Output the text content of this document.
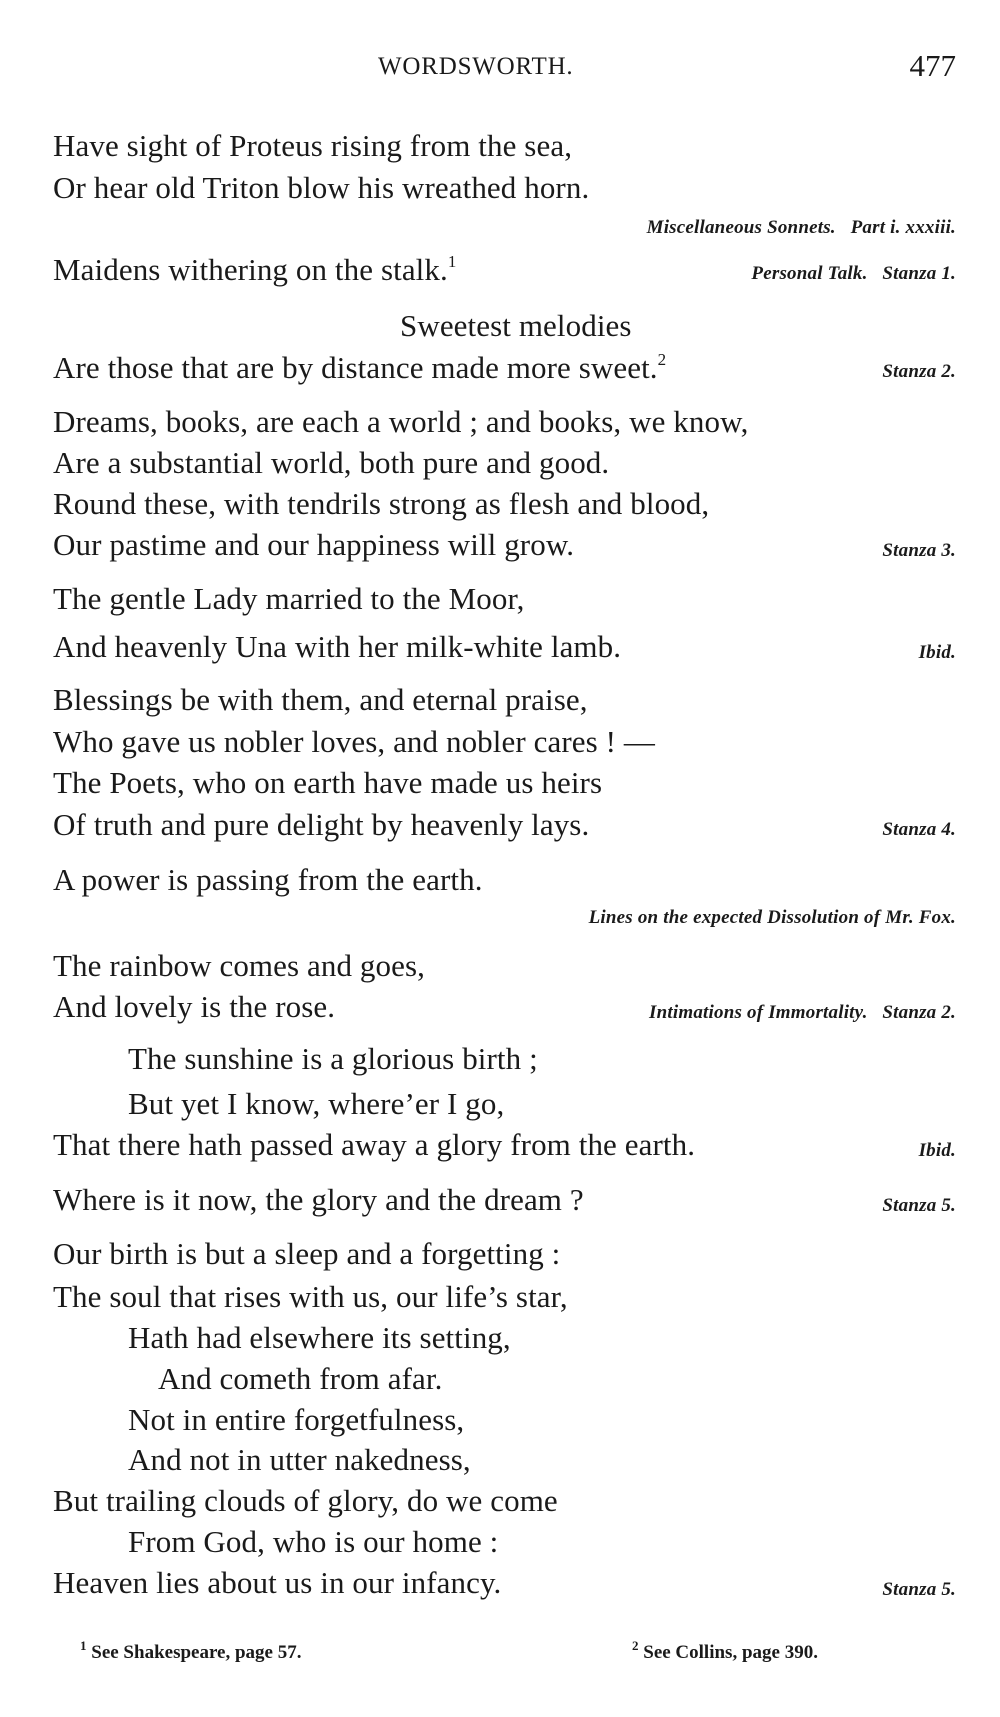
WORDSWORTH.	477
Have sight of Proteus rising from the sea,
Or hear old Triton blow his wreathed horn.
Miscellaneous Sonnets.   Part i. xxxiii.
Maidens withering on the stalk.$^1$
Personal Talk.   Stanza 1.
Sweetest melodies
Are those that are by distance made more sweet.$^2$
Stanza 2.
Dreams, books, are each a world ; and books, we know,
Are a substantial world, both pure and good.
Round these, with tendrils strong as flesh and blood,
Our pastime and our happiness will grow.	Stanza 3.
The gentle Lady married to the Moor,
And heavenly Una with her milk-white lamb.	Ibid.
Blessings be with them, and eternal praise,
Who gave us nobler loves, and nobler cares ! —
The Poets, who on earth have made us heirs
Of truth and pure delight by heavenly lays.	Stanza 4.
A power is passing from the earth.
Lines on the expected Dissolution of Mr. Fox.
The rainbow comes and goes,
And lovely is the rose.	Intimations of Immortality.   Stanza 2.
The sunshine is a glorious birth ;
But yet I know, where’er I go,
That there hath passed away a glory from the earth.	Ibid.
Where is it now, the glory and the dream ?	Stanza 5.
Our birth is but a sleep and a forgetting :
The soul that rises with us, our life’s star,
Hath had elsewhere its setting,
And cometh from afar.
Not in entire forgetfulness,
And not in utter nakedness,
But trailing clouds of glory, do we come
From God, who is our home :
Heaven lies about us in our infancy.	Stanza 5.
$^1$ See Shakespeare, page 57.	$^2$ See Collins, page 390.
